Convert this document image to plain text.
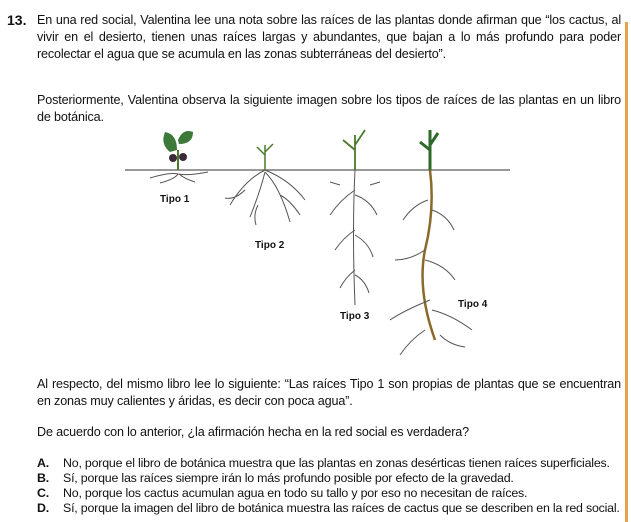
13. En una red social, Valentina lee una nota sobre las raíces de las plantas donde afirman que “los cactus, al vivir en el desierto, tienen unas raíces largas y abundantes, que bajan a lo más profundo para poder recolectar el agua que se acumula en las zonas subterráneas del desierto”.
Posteriormente, Valentina observa la siguiente imagen sobre los tipos de raíces de las plantas en un libro de botánica.
Tipo 1
Tipo 2
Tipo 3
Tipo 4
Al respecto, del mismo libro lee lo siguiente: “Las raíces Tipo 1 son propias de plantas que se encuentran en zonas muy calientes y áridas, es decir con poca agua”.
De acuerdo con lo anterior, ¿la afirmación hecha en la red social es verdadera?
A. No, porque el libro de botánica muestra que las plantas en zonas desérticas tienen raíces superficiales.
B. Sí, porque las raíces siempre irán lo más profundo posible por efecto de la gravedad.
C. No, porque los cactus acumulan agua en todo su tallo y por eso no necesitan de raíces.
D. Sí, porque la imagen del libro de botánica muestra las raíces de cactus que se describen en la red social.
